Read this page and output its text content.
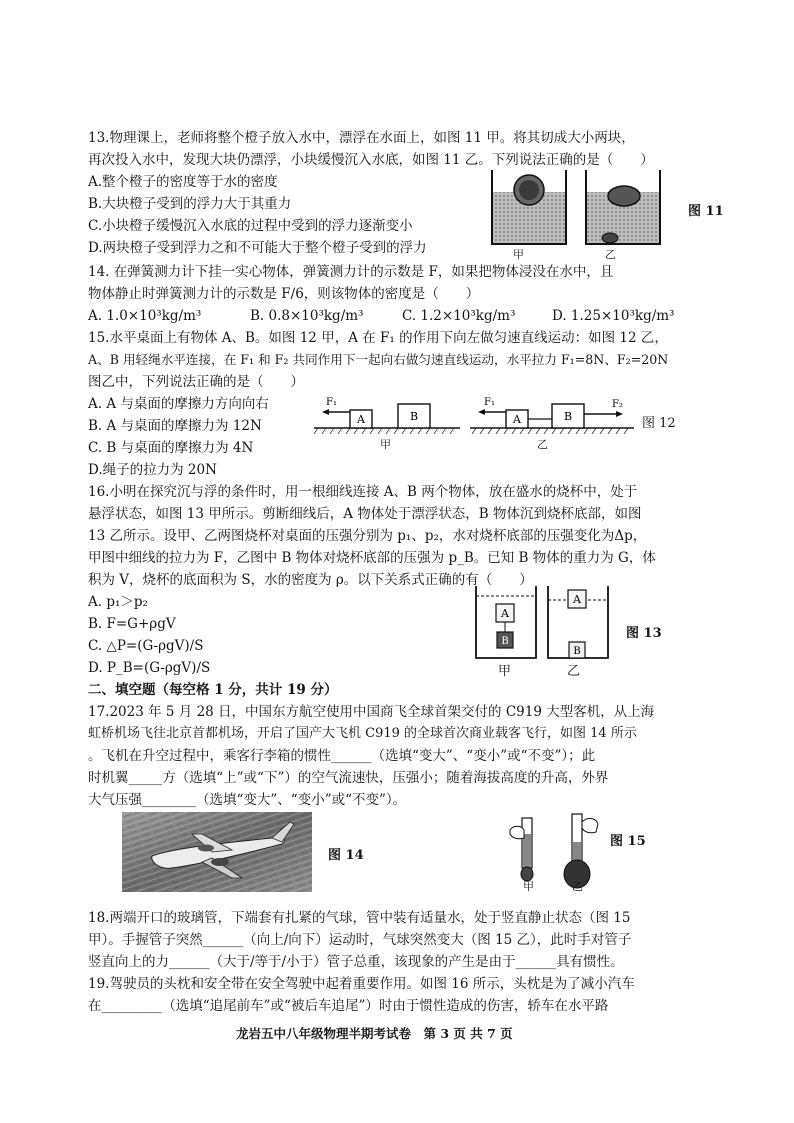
13.物理课上，老师将整个橙子放入水中，漂浮在水面上，如图 11 甲。将其切成大小两块，
再次投入水中，发现大块仍漂浮，小块缓慢沉入水底，如图 11 乙。下列说法正确的是（　　）
A.整个橙子的密度等于水的密度
B.大块橙子受到的浮力大于其重力
C.小块橙子缓慢沉入水底的过程中受到的浮力逐渐变小
D.两块橙子受到浮力之和不可能大于整个橙子受到的浮力	甲	乙
图 11
14. 在弹簧测力计下挂一实心物体，弹簧测力计的示数是 F，如果把物体浸没在水中，且
物体静止时弹簧测力计的示数是 F/6，则该物体的密度是（　　）
A. 1.0×10³kg/m³	B. 0.8×10³kg/m³	C. 1.2×10³kg/m³	D. 1.25×10³kg/m³
15.水平桌面上有物体 A、B。如图 12 甲，A 在 F₁ 的作用下向左做匀速直线运动：如图 12 乙，
A、B 用轻绳水平连接，在 F₁ 和 F₂ 共同作用下一起向右做匀速直线运动，水平拉力 F₁=8N、F₂=20N
图乙中，下列说法正确的是（　　）
A. A 与桌面的摩擦力方向向右
B. A 与桌面的摩擦力为 12N
C. B 与桌面的摩擦力为 4N
D.绳子的拉力为 20N
A	B
F₁
甲
A	B
F₁	F₂
乙
图 12
16.小明在探究沉与浮的条件时，用一根细线连接 A、B 两个物体，放在盛水的烧杯中，处于
悬浮状态，如图 13 甲所示。剪断细线后，A 物体处于漂浮状态，B 物体沉到烧杯底部，如图
13 乙所示。设甲、乙两图烧杯对桌面的压强分别为 p₁、p₂，水对烧杯底部的压强变化为Δp，
甲图中细线的拉力为 F，乙图中 B 物体对烧杯底部的压强为 p_B。已知 B 物体的重力为 G，体
积为 V，烧杯的底面积为 S，水的密度为 ρ。以下关系式正确的有（　　）
A. p₁＞p₂
B. F=G+ρgV
C. △P=(G-ρgV)/S
D. P_B=(G-ρgV)/S
A
B
A
B
甲	乙
图 13
二、填空题（每空格 1 分，共计 19 分）
17.2023 年 5 月 28 日，中国东方航空使用中国商飞全球首架交付的 C919 大型客机，从上海
虹桥机场飞往北京首都机场，开启了国产大飞机 C919 的全球首次商业载客飞行，如图 14 所示
。飞机在升空过程中，乘客行李箱的惯性______（选填“变大”、“变小”或“不变”）；此
时机翼_____方（选填“上”或“下”）的空气流速快，压强小；随着海拔高度的升高，外界
大气压强________（选填“变大”、“变小”或“不变”）。
图 14
甲	乙
图 15
18.两端开口的玻璃管，下端套有扎紧的气球，管中装有适量水，处于竖直静止状态（图 15
甲）。手握管子突然______（向上/向下）运动时，气球突然变大（图 15 乙），此时手对管子
竖直向上的力______（大于/等于/小于）管子总重，该现象的产生是由于______具有惯性。
19.驾驶员的头枕和安全带在安全驾驶中起着重要作用。如图 16 所示，头枕是为了减小汽车
在_________（选填“追尾前车”或“被后车追尾”）时由于惯性造成的伤害，轿车在水平路
龙岩五中八年级物理半期考试卷　第 3 页 共 7 页
